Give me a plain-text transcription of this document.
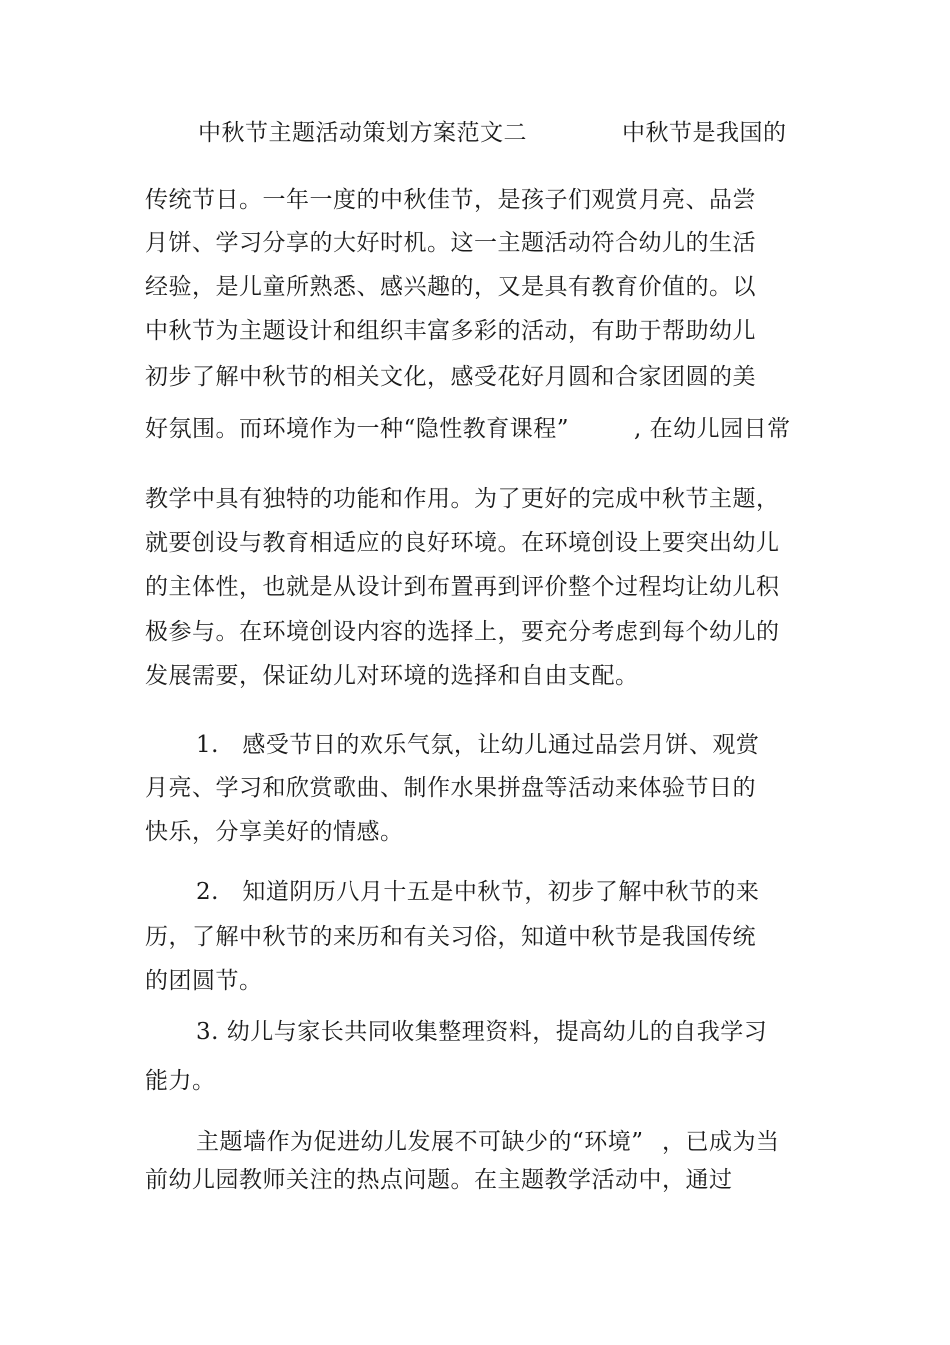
中秋节主题活动策划方案范文二	中秋节是我国的
传统节日。一年一度的中秋佳节，是孩子们观赏月亮、品尝
月饼、学习分享的大好时机。这一主题活动符合幼儿的生活
经验，是儿童所熟悉、感兴趣的，又是具有教育价值的。以
中秋节为主题设计和组织丰富多彩的活动，有助于帮助幼儿
初步了解中秋节的相关文化，感受花好月圆和合家团圆的美
好氛围。而环境作为一种“隐性教育课程”	, 在幼儿园日常
教学中具有独特的功能和作用。为了更好的完成中秋节主题，
就要创设与教育相适应的良好环境。在环境创设上要突出幼儿
的主体性，也就是从设计到布置再到评价整个过程均让幼儿积
极参与。在环境创设内容的选择上，要充分考虑到每个幼儿的
发展需要，保证幼儿对环境的选择和自由支配。
1.   感受节日的欢乐气氛，让幼儿通过品尝月饼、观赏
月亮、学习和欣赏歌曲、制作水果拼盘等活动来体验节日的
快乐，分享美好的情感。
2.   知道阴历八月十五是中秋节，初步了解中秋节的来
历，了解中秋节的来历和有关习俗，知道中秋节是我国传统
的团圆节。
3. 幼儿与家长共同收集整理资料，提高幼儿的自我学习
能力。
主题墙作为促进幼儿发展不可缺少的“环境” ，已成为当
前幼儿园教师关注的热点问题。在主题教学活动中，通过
